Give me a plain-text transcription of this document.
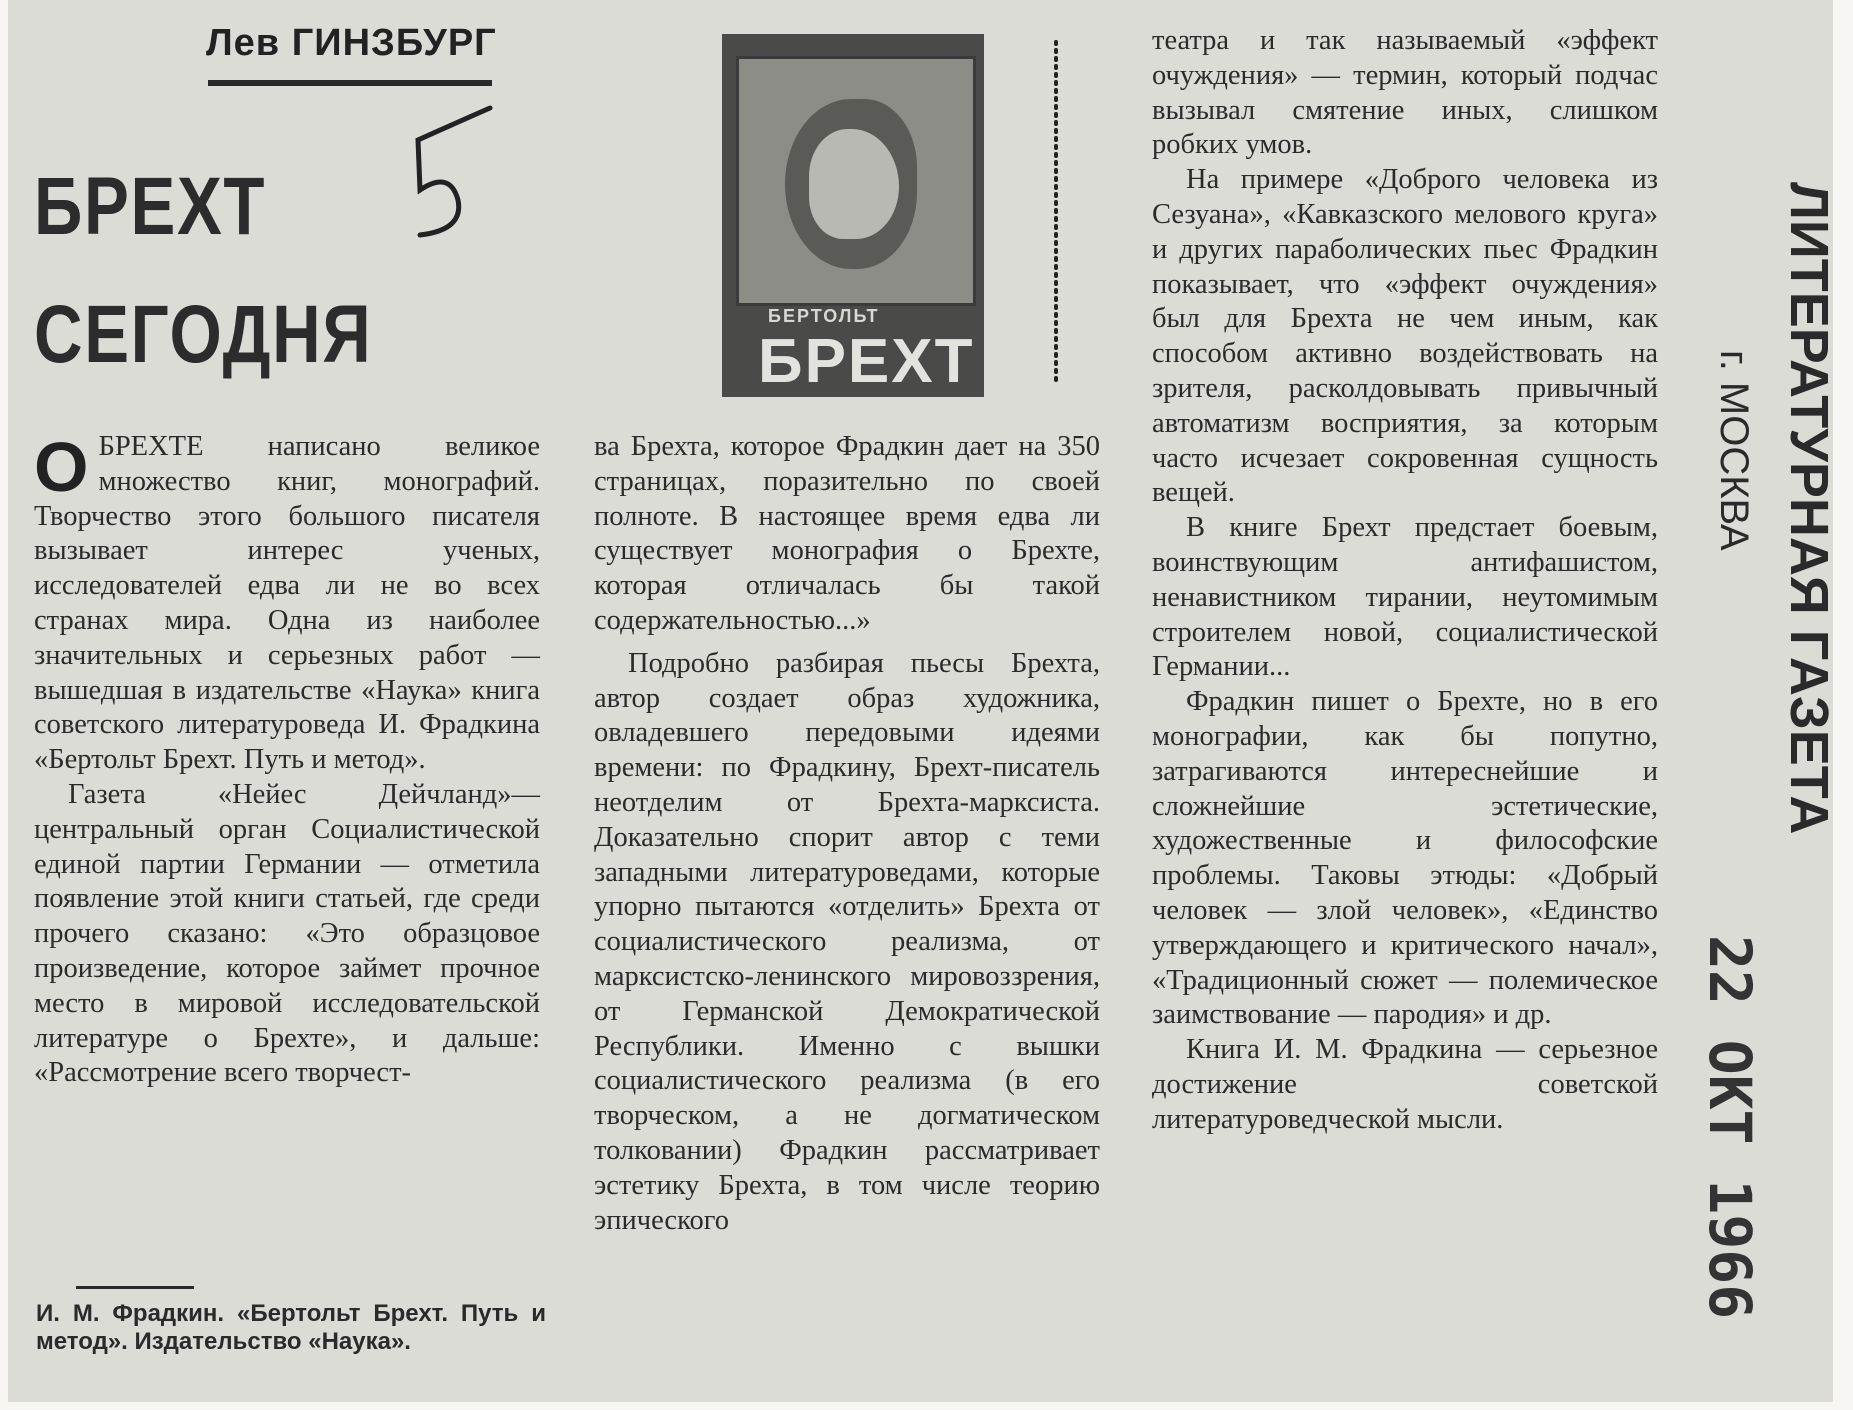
Лев ГИНЗБУРГ
БРЕХТ
СЕГОДНЯ	БЕРТОЛЬТ
БРЕХТ

ОБРЕХТЕ написано великое множество книг, монографий. Творчество этого большого писателя вызывает интерес ученых, исследователей едва ли не во всех странах мира. Одна из наиболее значительных и серьезных работ — вышедшая в издательстве «Наука» книга советского литературоведа И. Фрадкина «Бертольт Брехт. Путь и метод».

Газета «Нейес Дейчланд»— центральный орган Социалистической единой партии Германии — отметила появление этой книги статьей, где среди прочего сказано: «Это образцовое произведение, которое займет прочное место в мировой исследовательской литературе о Брехте», и дальше: «Рассмотрение всего творчест-

И. М. Фрадкин. «Бертольт Брехт. Путь и метод». Издательство «Наука».

ва Брехта, которое Фрадкин дает на 350 страницах, поразительно по своей полноте. В настоящее время едва ли существует монография о Брехте, которая отличалась бы такой содержательностью...»

Подробно разбирая пьесы Брехта, автор создает образ художника, овладевшего передовыми идеями времени: по Фрадкину, Брехт-писатель неотделим от Брехта-марксиста. Доказательно спорит автор с теми западными литературоведами, которые упорно пытаются «отделить» Брехта от социалистического реализма, от марксистско-ленинского мировоззрения, от Германской Демократической Республики. Именно с вышки социалистического реализма (в его творческом, а не догматическом толковании) Фрадкин рассматривает эстетику Брехта, в том числе теорию эпического

театра и так называемый «эффект очуждения» — термин, который подчас вызывал смятение иных, слишком робких умов.

На примере «Доброго человека из Сезуана», «Кавказского мелового круга» и других параболических пьес Фрадкин показывает, что «эффект очуждения» был для Брехта не чем иным, как способом активно воздействовать на зрителя, расколдовывать привычный автоматизм восприятия, за которым часто исчезает сокровенная сущность вещей.

В книге Брехт предстает боевым, воинствующим антифашистом, ненавистником тирании, неутомимым строителем новой, социалистической Германии...

Фрадкин пишет о Брехте, но в его монографии, как бы попутно, затрагиваются интереснейшие и сложнейшие эстетические, художественные и философские проблемы. Таковы этюды: «Добрый человек — злой человек», «Единство утверждающего и критического начал», «Традиционный сюжет — полемическое заимствование — пародия» и др.

Книга И. М. Фрадкина — серьезное достижение советской литературоведческой мысли.

ЛИТЕРАТУРНАЯ ГАЗЕТА
г. МОСКВА
22 ОКТ 1966
